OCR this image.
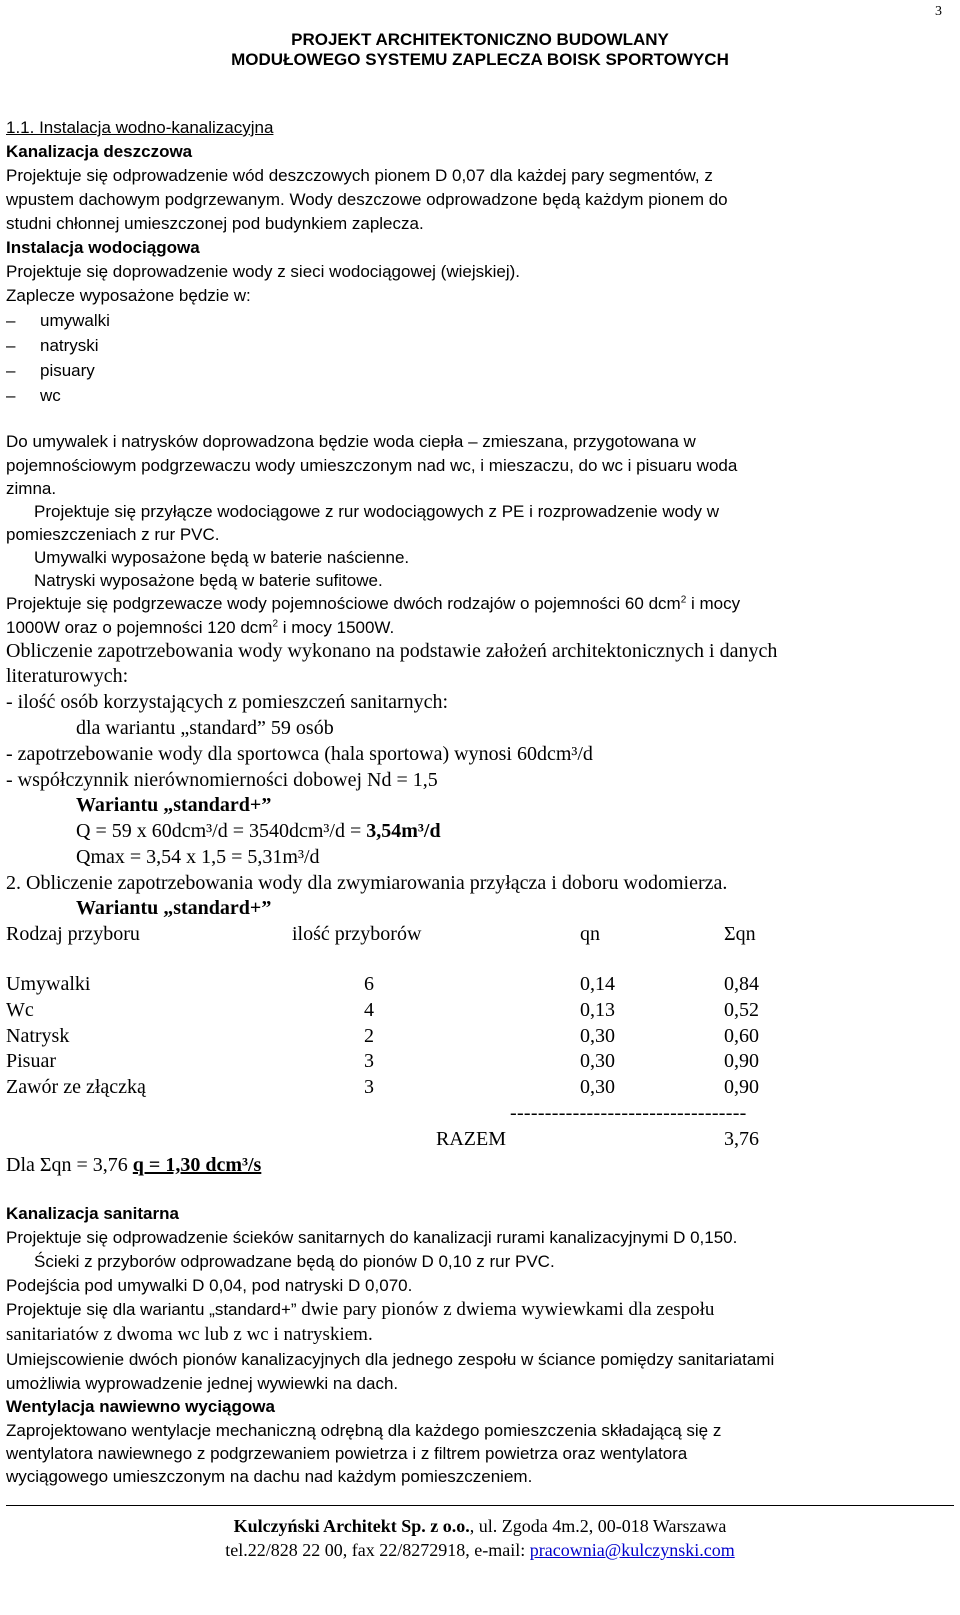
3
PROJEKT ARCHITEKTONICZNO BUDOWLANY
MODUŁOWEGO SYSTEMU ZAPLECZA BOISK SPORTOWYCH
1.1. Instalacja wodno-kanalizacyjna
Kanalizacja deszczowa
Projektuje się odprowadzenie wód deszczowych pionem D 0,07 dla każdej pary segmentów, z
wpustem dachowym podgrzewanym. Wody deszczowe odprowadzone będą każdym pionem do
studni chłonnej umieszczonej pod budynkiem zaplecza.
Instalacja wodociągowa
Projektuje się doprowadzenie wody z sieci wodociągowej (wiejskiej).
Zaplecze wyposażone będzie w:
– umywalki
– natryski
– pisuary
– wc
Do umywalek i natrysków doprowadzona będzie woda ciepła – zmieszana, przygotowana w
pojemnościowym podgrzewaczu wody umieszczonym nad wc, i mieszaczu, do wc i pisuaru woda
zimna.
Projektuje się przyłącze wodociągowe z rur wodociągowych z PE i rozprowadzenie wody w
pomieszczeniach z rur PVC.
Umywalki wyposażone będą w baterie naścienne.
Natryski wyposażone będą w baterie sufitowe.
Projektuje się podgrzewacze wody pojemnościowe dwóch rodzajów o pojemności 60 dcm$^2$ i mocy
1000W oraz o pojemności 120 dcm$^2$ i mocy 1500W.
Obliczenie zapotrzebowania wody wykonano na podstawie założeń architektonicznych i danych
literaturowych:
- ilość osób korzystających z pomieszczeń sanitarnych:
dla wariantu „standard” 59 osób
- zapotrzebowanie wody dla sportowca (hala sportowa) wynosi 60dcm³/d
- współczynnik nierównomierności dobowej Nd = 1,5
Wariantu „standard+”
Q = 59 x 60dcm³/d = 3540dcm³/d = 3,54m³/d
Qmax = 3,54 x 1,5 = 5,31m³/d
2. Obliczenie zapotrzebowania wody dla zwymiarowania przyłącza i doboru wodomierza.
Wariantu „standard+”
Rodzaj przyboru	ilość przyborów	qn	Σqn
Umywalki	6	0,14	0,84
Wc	4	0,13	0,52
Natrysk	2	0,30	0,60
Pisuar	3	0,30	0,90
Zawór ze złączką	3	0,30	0,90
----------------------------------
RAZEM	3,76
Dla Σqn = 3,76 q = 1,30 dcm³/s
Kanalizacja sanitarna
Projektuje się odprowadzenie ścieków sanitarnych do kanalizacji rurami kanalizacyjnymi D 0,150.
Ścieki z przyborów odprowadzane będą do pionów D 0,10 z rur PVC.
Podejścia pod umywalki D 0,04, pod natryski D 0,070.
Projektuje się dla wariantu „standard+” dwie pary pionów z dwiema wywiewkami dla zespołu
sanitariatów z dwoma wc lub z wc i natryskiem.
Umiejscowienie dwóch pionów kanalizacyjnych dla jednego zespołu w ściance pomiędzy sanitariatami
umożliwia wyprowadzenie jednej wywiewki na dach.
Wentylacja nawiewno wyciągowa
Zaprojektowano wentylacje mechaniczną odrębną dla każdego pomieszczenia składającą się z
wentylatora nawiewnego z podgrzewaniem powietrza i z filtrem powietrza oraz wentylatora
wyciągowego umieszczonym na dachu nad każdym pomieszczeniem.
Kulczyński Architekt Sp. z o.o., ul. Zgoda 4m.2, 00-018 Warszawa
tel.22/828 22 00, fax 22/8272918, e-mail: pracownia@kulczynski.com
